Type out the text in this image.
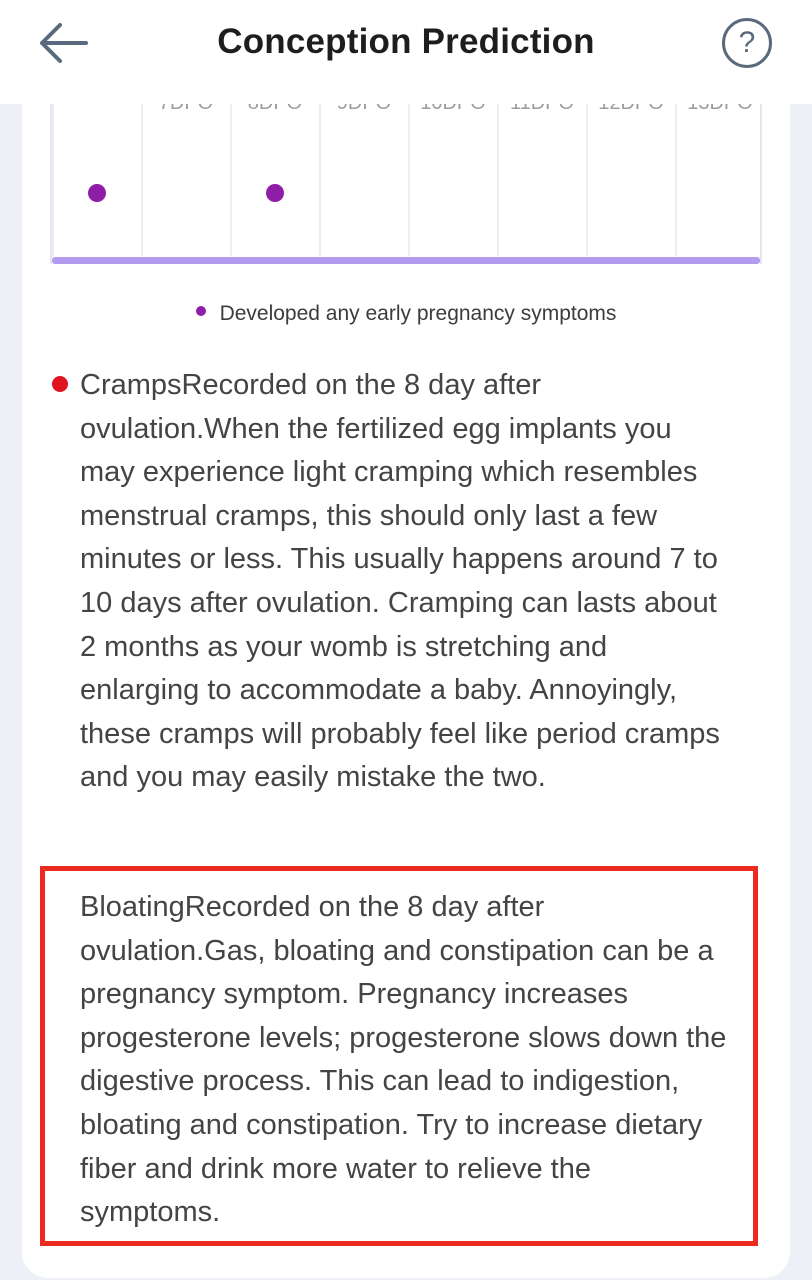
Conception Prediction	?
Developed any early pregnancy symptoms
CrampsRecorded on the 8 day after ovulation.When the fertilized egg implants you may experience light cramping which resembles menstrual cramps, this should only last a few minutes or less. This usually happens around 7 to 10 days after ovulation. Cramping can lasts about 2 months as your womb is stretching and enlarging to accommodate a baby. Annoyingly, these cramps will probably feel like period cramps and you may easily mistake the two.
BloatingRecorded on the 8 day after ovulation.Gas, bloating and constipation can be a pregnancy symptom. Pregnancy increases progesterone levels; progesterone slows down the digestive process. This can lead to indigestion, bloating and constipation. Try to increase dietary fiber and drink more water to relieve the symptoms.
